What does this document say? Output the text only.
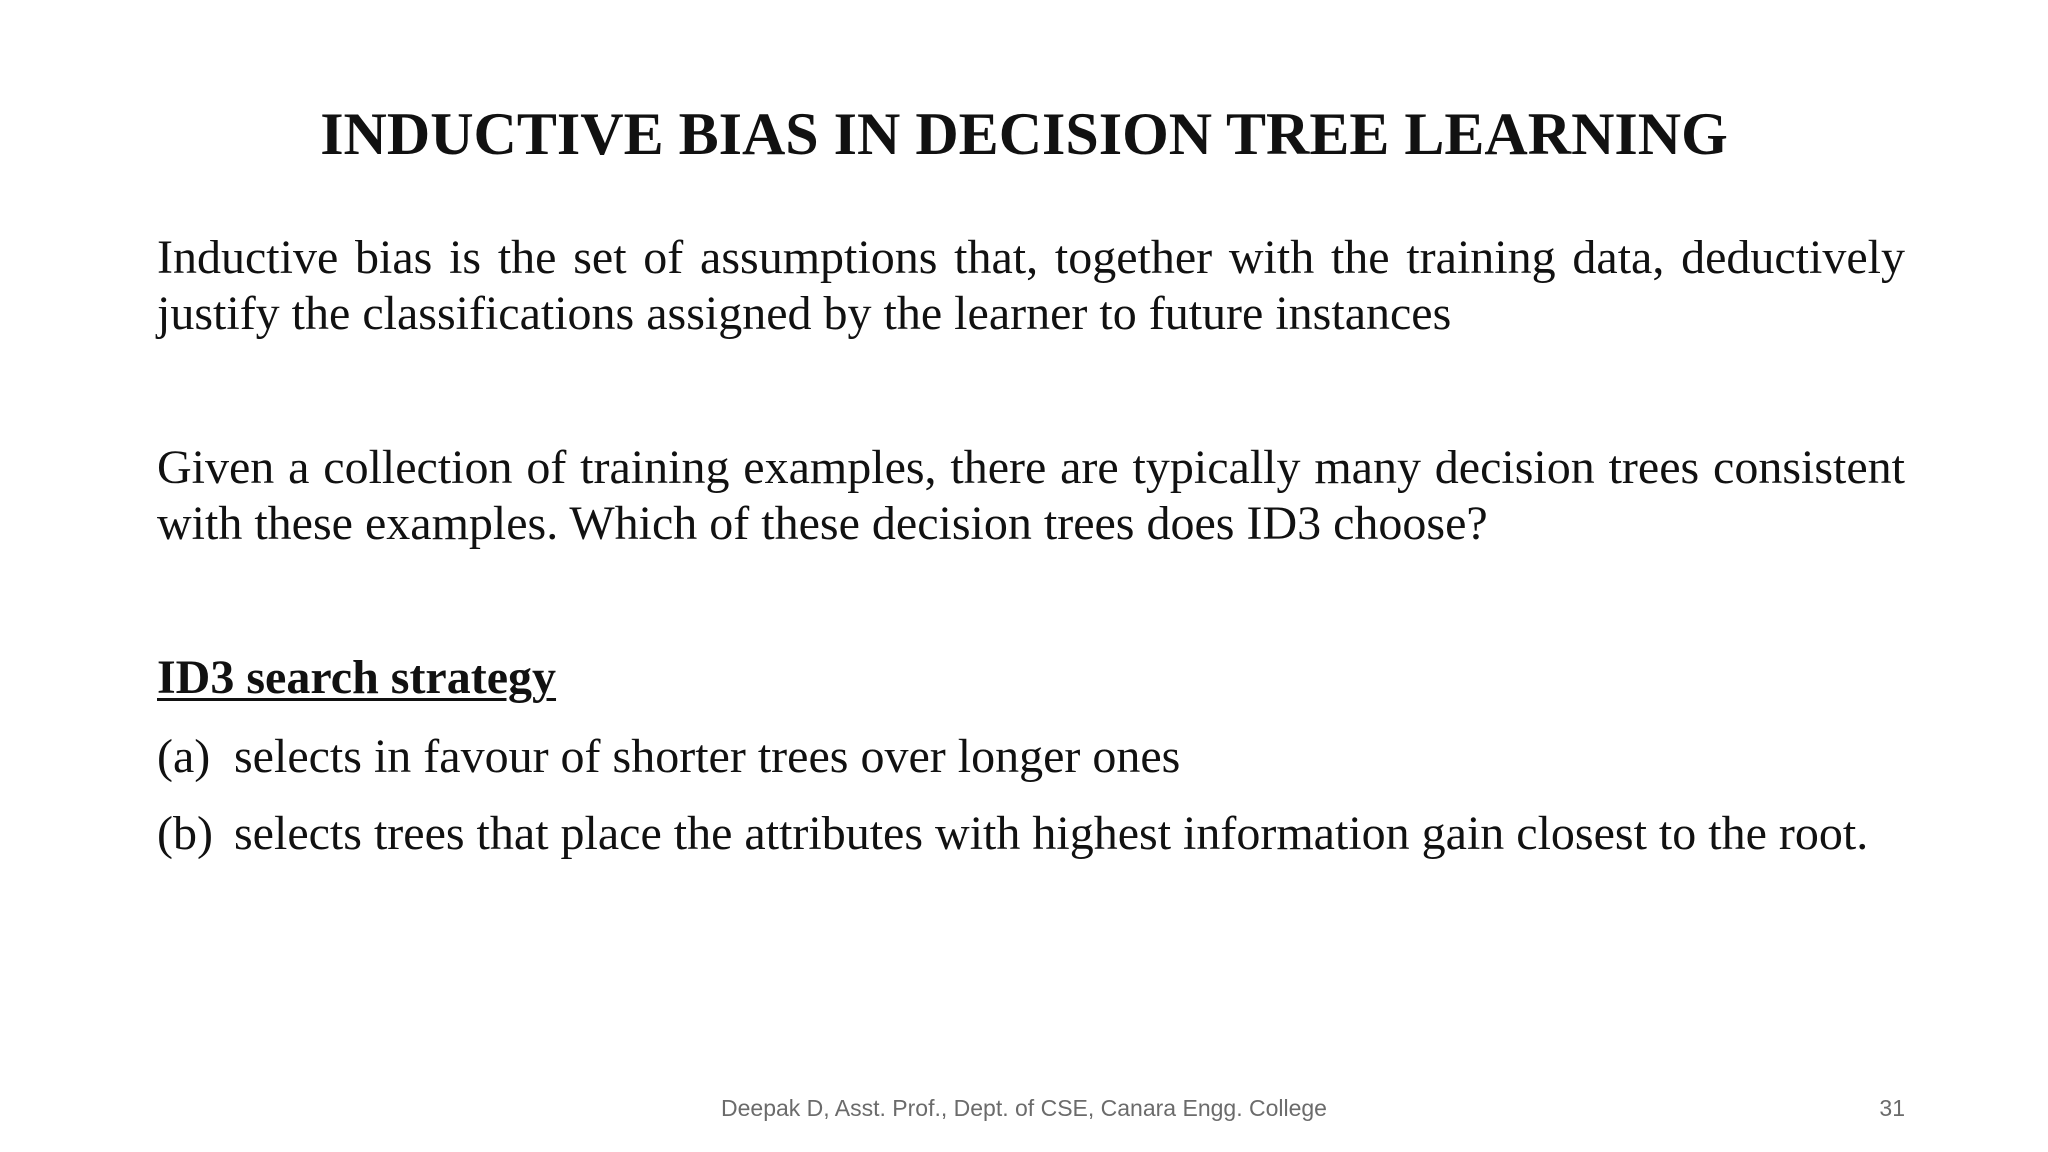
INDUCTIVE BIAS IN DECISION TREE LEARNING
Inductive bias is the set of assumptions that, together with the training data, deductively justify the classifications assigned by the learner to future instances
Given a collection of training examples, there are typically many decision trees consistent with these examples. Which of these decision trees does ID3 choose?
ID3 search strategy
(a) selects in favour of shorter trees over longer ones
(b) selects trees that place the attributes with highest information gain closest to the root.
Deepak D, Asst. Prof., Dept. of CSE, Canara Engg. College	31
